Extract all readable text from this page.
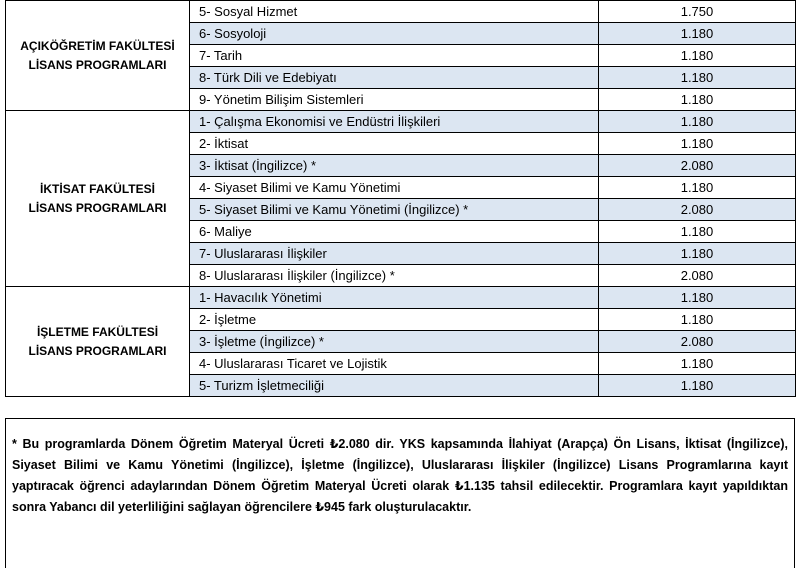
AÇIKÖĞRETİM FAKÜLTESİ
LİSANS PROGRAMLARI	5- Sosyal Hizmet	1.750
	6- Sosyoloji	1.180
	7- Tarih	1.180
	8- Türk Dili ve Edebiyatı	1.180
	9- Yönetim Bilişim Sistemleri	1.180

İKTİSAT FAKÜLTESİ
LİSANS PROGRAMLARI	1- Çalışma Ekonomisi ve Endüstri İlişkileri	1.180
	2- İktisat	1.180
	3- İktisat (İngilizce) *	2.080
	4- Siyaset Bilimi ve Kamu Yönetimi	1.180
	5- Siyaset Bilimi ve Kamu Yönetimi (İngilizce) *	2.080
	6- Maliye	1.180
	7- Uluslararası İlişkiler	1.180
	8- Uluslararası İlişkiler (İngilizce) *	2.080

İŞLETME FAKÜLTESİ
LİSANS PROGRAMLARI	1- Havacılık Yönetimi	1.180
	2- İşletme	1.180
	3- İşletme (İngilizce) *	2.080
	4- Uluslararası Ticaret ve Lojistik	1.180
	5- Turizm İşletmeciliği	1.180

* Bu programlarda Dönem Öğretim Materyal Ücreti ₺2.080 dir. YKS kapsamında İlahiyat (Arapça) Ön Lisans, İktisat (İngilizce), Siyaset Bilimi ve Kamu Yönetimi (İngilizce), İşletme (İngilizce), Uluslararası İlişkiler (İngilizce) Lisans Programlarına kayıt yaptıracak öğrenci adaylarından Dönem Öğretim Materyal Ücreti olarak ₺1.135 tahsil edilecektir. Programlara kayıt yapıldıktan sonra Yabancı dil yeterliliğini sağlayan öğrencilere ₺945 fark oluşturulacaktır.
